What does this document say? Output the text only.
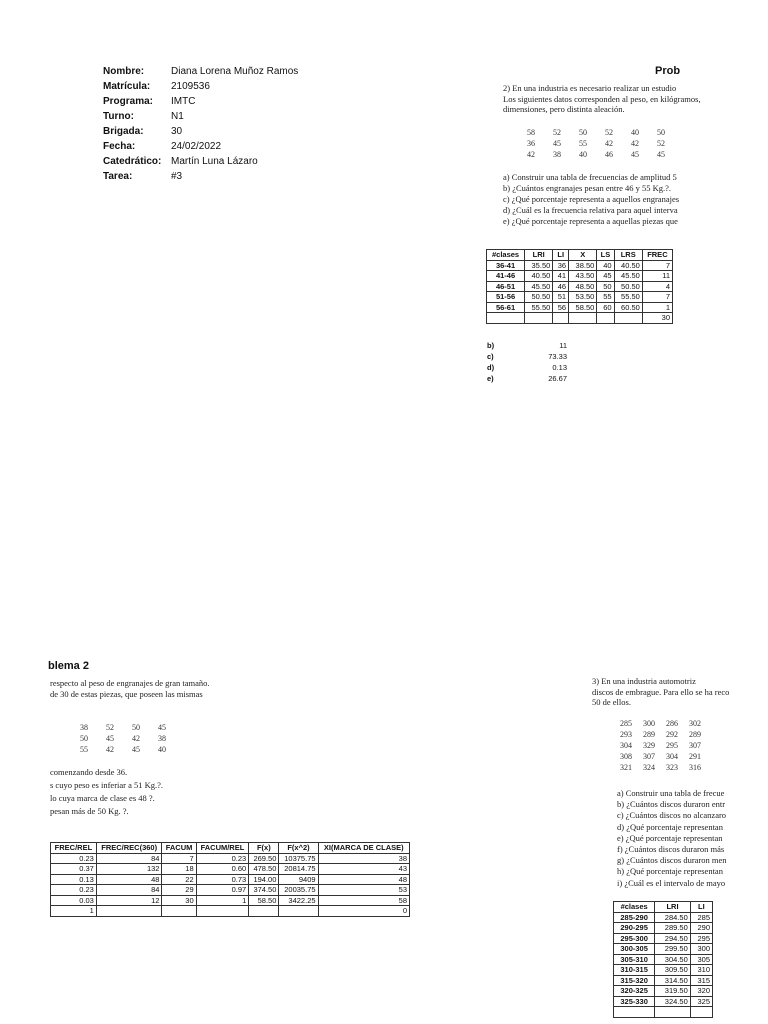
Nombre:	Diana Lorena Muñoz Ramos
Matrícula:	2109536
Programa:	IMTC
Turno:	N1
Brigada:	30
Fecha:	24/02/2022
Catedrático: Martín Luna Lázaro
Tarea:	#3
Prob
2) En una industria es necesario realizar un estudio
Los siguientes datos corresponden al peso, en kilógramos,
dimensiones, pero distinta aleación.
58	52	50	52	40	50
36	45	55	42	42	52
42	38	40	46	45	45
a) Construir una tabla de frecuencias de amplitud 5
b) ¿Cuántos engranajes pesan entre 46 y 55 Kg.?.
c) ¿Qué porcentaje representa a aquellos engranajes
d) ¿Cuál es la frecuencia relativa para aquel interva
e) ¿Qué porcentaje representa a aquellas piezas que
#clases	LRI	LI	X	LS	LRS	FREC
36-41	35.50	36	38.50	40	40.50	7
41-46	40.50	41	43.50	45	45.50	11
46-51	45.50	46	48.50	50	50.50	4
51-56	50.50	51	53.50	55	55.50	7
56-61	55.50	56	58.50	60	60.50	1
						30
b)	11
c)	73.33
d)	0.13
e)	26.67
blema 2
respecto al peso de engranajes de gran tamaño.
de 30 de estas piezas, que poseen las mismas
38	52	50	45
50	45	42	38
55	42	45	40
comenzando desde 36.
s cuyo peso es inferiar a 51 Kg.?.
lo cuya marca de clase es 48 ?.
pesan más de 50 Kg. ?.
FREC/REL	FREC/REC(360)	FACUM	FACUM/REL	F(x)	F(x^2)	XI(MARCA DE CLASE)
0.23	84	7	0.23	269.50	10375.75	38
0.37	132	18	0.60	478.50	20814.75	43
0.13	48	22	0.73	194.00	9409	48
0.23	84	29	0.97	374.50	20035.75	53
0.03	12	30	1	58.50	3422.25	58
1						0
3) En una industria automotriz
discos de embrague. Para ello se ha reco
50 de ellos.
285	300	286	302
293	289	292	289
304	329	295	307
308	307	304	291
321	324	323	316
a) Construir una tabla de frecue
b) ¿Cuántos discos duraron entr
c) ¿Cuántos discos no alcanzaro
d) ¿Qué porcentaje representan
e) ¿Qué porcentaje representan
f) ¿Cuántos discos duraron más
g) ¿Cuántos discos duraron men
h) ¿Qué porcentaje representan
i) ¿Cuál es el intervalo de mayo
#clases	LRI	LI
285-290	284.50	285
290-295	289.50	290
295-300	294.50	295
300-305	299.50	300
305-310	304.50	305
310-315	309.50	310
315-320	314.50	315
320-325	319.50	320
325-330	324.50	325
